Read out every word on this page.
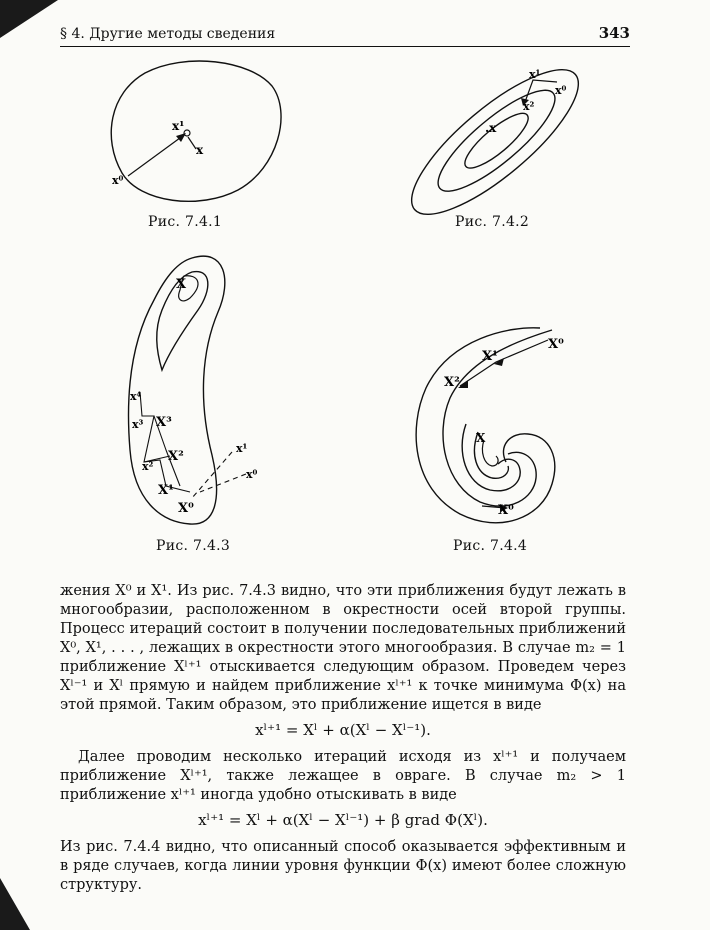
§ 4. Другие методы сведения	343
x¹
x
x⁰
Рис. 7.4.1
x¹
x⁰
x²
.x
Рис. 7.4.2
X
x⁴
x³ X³
x²
X²
X¹
X⁰
x¹
x⁰
Рис. 7.4.3
X⁰
X¹
X²
X
X⁰
Рис. 7.4.4

жения X⁰ и X¹. Из рис. 7.4.3 видно, что эти приближения будут лежать в многообразии, расположенном в окрестности осей второй группы. Процесс итераций состоит в получении последовательных приближений X⁰, X¹, . . . , лежащих в окрестности этого многообразия. В случае m₂ = 1 приближение Xˡ⁺¹ отыскивается следующим образом. Проведем через Xˡ⁻¹ и Xˡ прямую и найдем приближение xˡ⁺¹ к точке минимума Φ(x) на этой прямой. Таким образом, это приближение ищется в виде

xˡ⁺¹ = Xˡ + α(Xˡ − Xˡ⁻¹).

Далее проводим несколько итераций исходя из xˡ⁺¹ и получаем приближение Xˡ⁺¹, также лежащее в овраге. В случае m₂ > 1 приближение xˡ⁺¹ иногда удобно отыскивать в виде

xˡ⁺¹ = Xˡ + α(Xˡ − Xˡ⁻¹) + β grad Φ(Xˡ).

Из рис. 7.4.4 видно, что описанный способ оказывается эффективным и в ряде случаев, когда линии уровня функции Φ(x) имеют более сложную структуру.
